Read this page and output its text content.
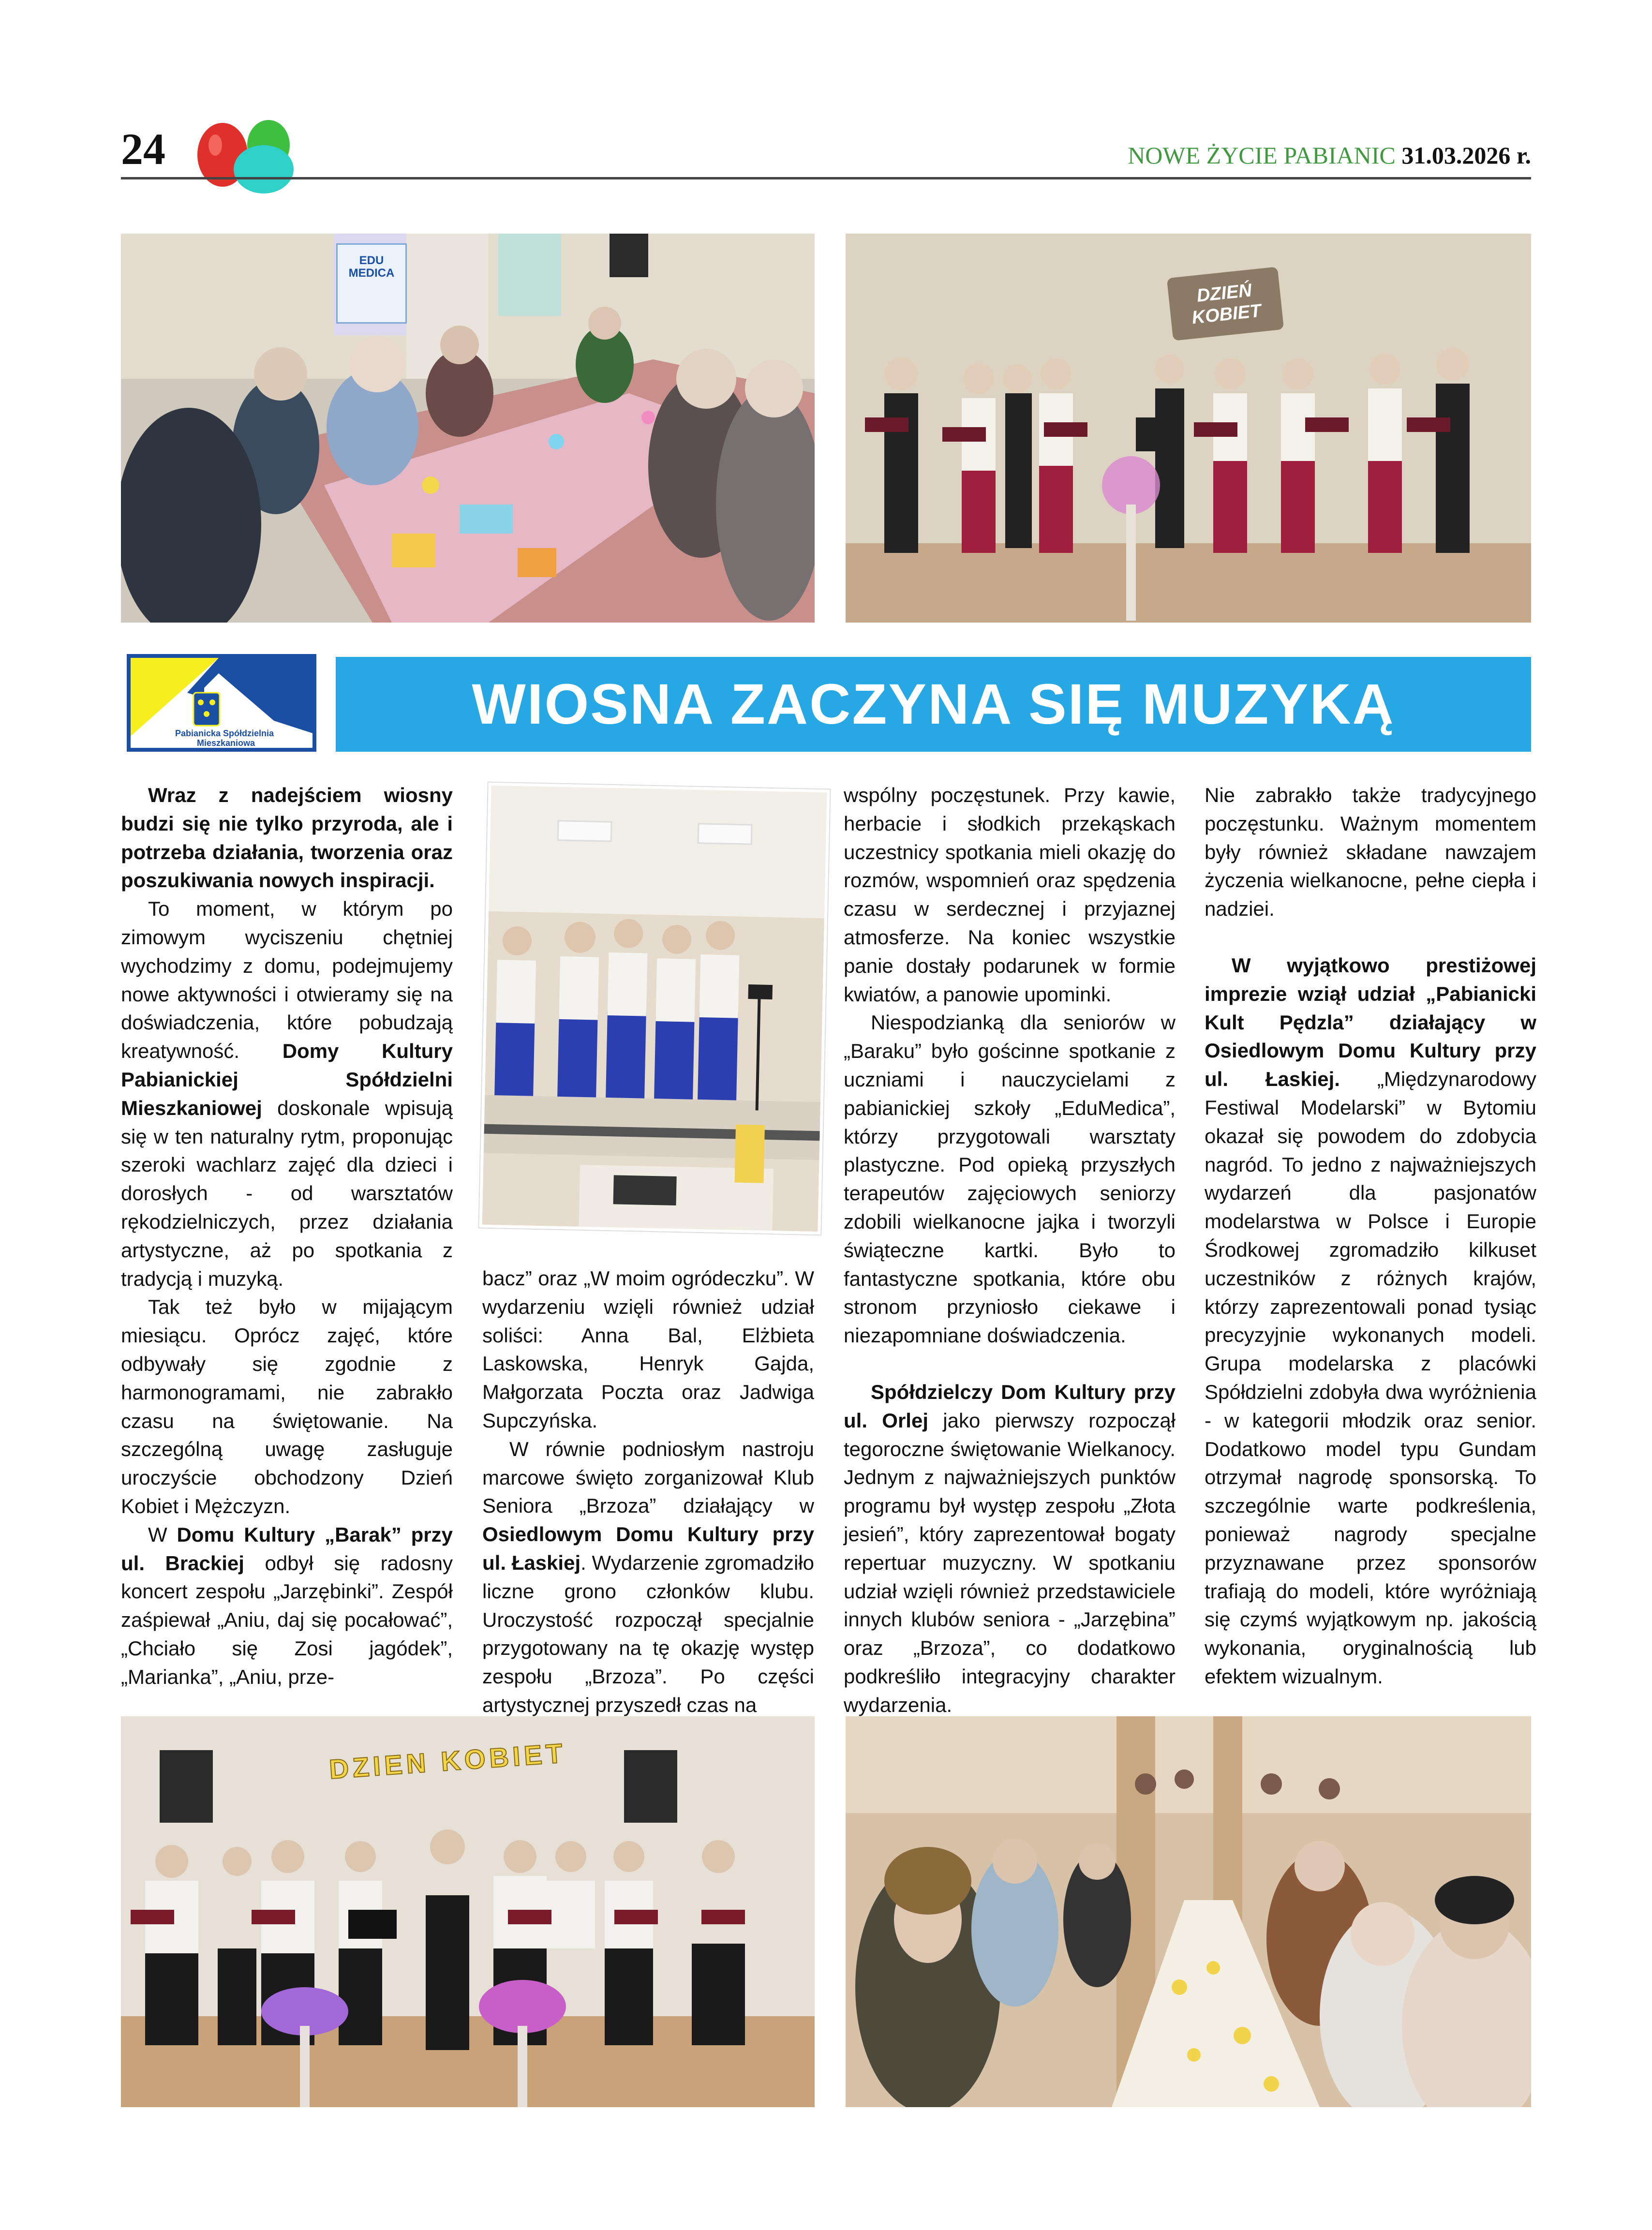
24	NOWE ŻYCIE PABIANIC 31.03.2026 r.
EDU MEDICA
DZIEŃ KOBIET
Pabianicka Spółdzielnia
Mieszkaniowa
WIOSNA ZACZYNA SIĘ MUZYKĄ

Wraz z nadejściem wiosny budzi się nie tylko przyroda, ale i potrzeba działania, tworzenia oraz poszukiwania nowych inspiracji.

To moment, w którym po zimowym wyciszeniu chętniej wychodzimy z domu, podejmujemy nowe aktywności i otwieramy się na doświadczenia, które pobudzają kreatywność. Domy Kultury Pabianickiej Spółdzielni Mieszkaniowej doskonale wpisują się w ten naturalny rytm, proponując szeroki wachlarz zajęć dla dzieci i dorosłych - od warsztatów rękodzielniczych, przez działania artystyczne, aż po spotkania z tradycją i muzyką.

Tak też było w mijającym miesiącu. Oprócz zajęć, które odbywały się zgodnie z harmonogramami, nie zabrakło czasu na świętowanie. Na szczególną uwagę zasługuje uroczyście obchodzony Dzień Kobiet i Mężczyzn.

W Domu Kultury „Barak” przy ul. Brackiej odbył się radosny koncert zespołu „Jarzębinki”. Zespół zaśpiewał „Aniu, daj się pocałować”, „Chciało się Zosi jagódek”, „Marianka”, „Aniu, prze-

bacz” oraz „W moim ogródeczku”. W wydarzeniu wzięli również udział soliści: Anna Bal, Elżbieta Laskowska, Henryk Gajda, Małgorzata Poczta oraz Jadwiga Supczyńska.

W równie podniosłym nastroju marcowe święto zorganizował Klub Seniora „Brzoza” działający w Osiedlowym Domu Kultury przy ul. Łaskiej. Wydarzenie zgromadziło liczne grono członków klubu. Uroczystość rozpoczął specjalnie przygotowany na tę okazję występ zespołu „Brzoza”. Po części artystycznej przyszedł czas na

wspólny poczęstunek. Przy kawie, herbacie i słodkich przekąskach uczestnicy spotkania mieli okazję do rozmów, wspomnień oraz spędzenia czasu w serdecznej i przyjaznej atmosferze. Na koniec wszystkie panie dostały podarunek w formie kwiatów, a panowie upominki.

Niespodzianką dla seniorów w „Baraku” było gościnne spotkanie z uczniami i nauczycielami z pabianickiej szkoły „EduMedica”, którzy przygotowali warsztaty plastyczne. Pod opieką przyszłych terapeutów zajęciowych seniorzy zdobili wielkanocne jajka i tworzyli świąteczne kartki. Było to fantastyczne spotkania, które obu stronom przyniosło ciekawe i niezapomniane doświadczenia.

Spółdzielczy Dom Kultury przy ul. Orlej jako pierwszy rozpoczął tegoroczne świętowanie Wielkanocy. Jednym z najważniejszych punktów programu był występ zespołu „Złota jesień”, który zaprezentował bogaty repertuar muzyczny. W spotkaniu udział wzięli również przedstawiciele innych klubów seniora - „Jarzębina” oraz „Brzoza”, co dodatkowo podkreśliło integracyjny charakter wydarzenia.

Nie zabrakło także tradycyjnego poczęstunku. Ważnym momentem były również składane nawzajem życzenia wielkanocne, pełne ciepła i nadziei.

W wyjątkowo prestiżowej imprezie wziął udział „Pabianicki Kult Pędzla” działający w Osiedlowym Domu Kultury przy ul. Łaskiej. „Międzynarodowy Festiwal Modelarski” w Bytomiu okazał się powodem do zdobycia nagród. To jedno z najważniejszych wydarzeń dla pasjonatów modelarstwa w Polsce i Europie Środkowej zgromadziło kilkuset uczestników z różnych krajów, którzy zaprezentowali ponad tysiąc precyzyjnie wykonanych modeli. Grupa modelarska z placówki Spółdzielni zdobyła dwa wyróżnienia - w kategorii młodzik oraz senior. Dodatkowo model typu Gundam otrzymał nagrodę sponsorską. To szczególnie warte podkreślenia, ponieważ nagrody specjalne przyznawane przez sponsorów trafiają do modeli, które wyróżniają się czymś wyjątkowym np. jakością wykonania, oryginalnością lub efektem wizualnym.

DZIEN KOBIET
